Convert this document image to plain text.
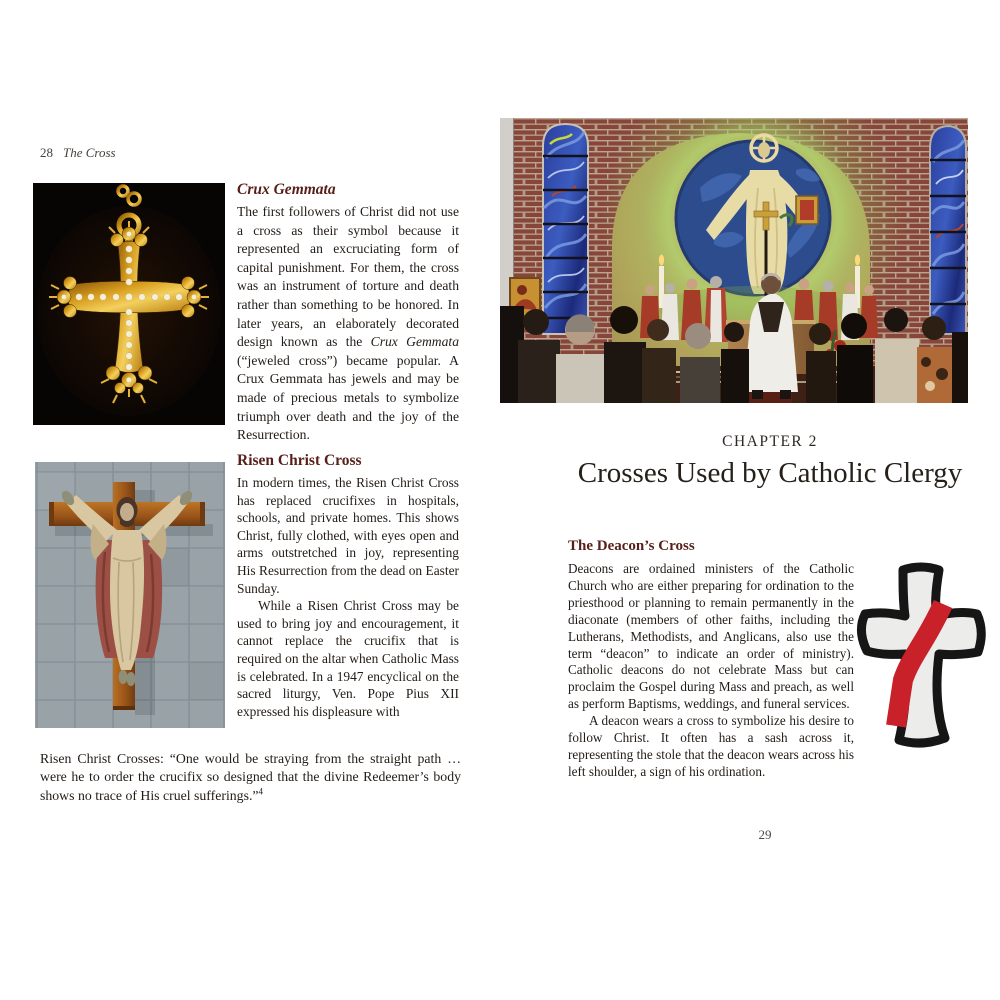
28 The Cross
Crux Gemmata

The first followers of Christ did not use a cross as their symbol because it represented an excruciating form of capital punishment. For them, the cross was an instrument of torture and death rather than something to be honored. In later years, an elaborately decorated design known as the Crux Gemmata (“jeweled cross”) became popular. A Crux Gemmata has jewels and may be made of precious metals to symbolize triumph over death and the joy of the Resurrection.

Risen Christ Cross

In modern times, the Risen Christ Cross has replaced crucifixes in hospitals, schools, and private homes. This shows Christ, fully clothed, with eyes open and arms outstretched in joy, representing His Resurrection from the dead on Easter Sunday.

While a Risen Christ Cross may be used to bring joy and encouragement, it cannot replace the crucifix that is required on the altar when Catholic Mass is celebrated. In a 1947 encyclical on the sacred liturgy, Ven. Pope Pius XII expressed his displeasure with

Risen Christ Crosses: “One would be straying from the straight path … were he to order the crucifix so designed that the divine Redeemer’s body shows no trace of His cruel sufferings.”$^4$

CHAPTER 2

Crosses Used by Catholic Clergy
The Deacon’s Cross

Deacons are ordained ministers of the Catholic Church who are either preparing for ordination to the priesthood or planning to remain permanently in the diaconate (members of other faiths, including the Lutherans, Methodists, and Anglicans, also use the term “deacon” to indicate an order of ministry). Catholic deacons do not celebrate Mass but can proclaim the Gospel during Mass and preach, as well as perform Baptisms, weddings, and funeral services.

A deacon wears a cross to symbolize his desire to follow Christ. It often has a sash across it, representing the stole that the deacon wears across his left shoulder, a sign of his ordination.

29
